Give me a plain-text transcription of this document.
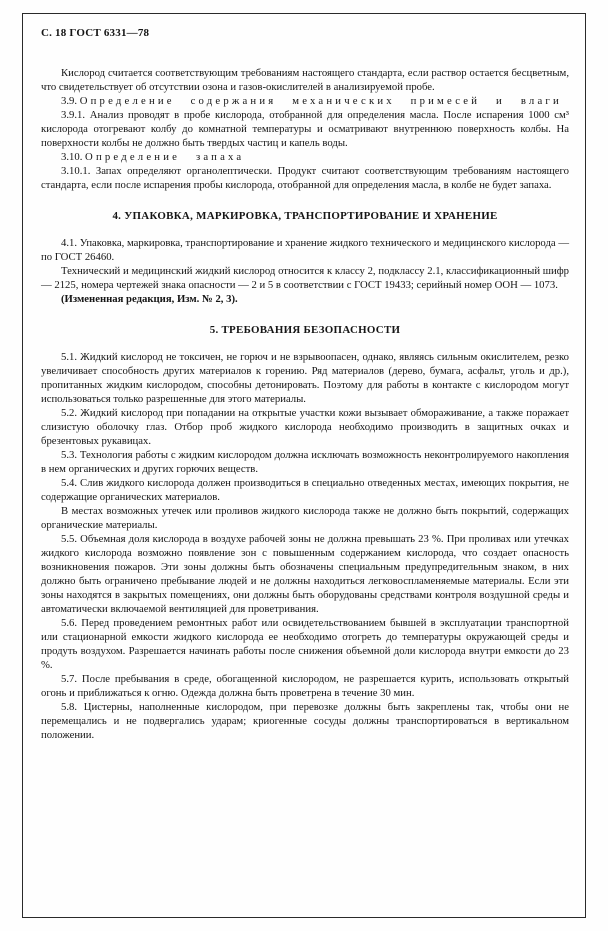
С. 18 ГОСТ 6331—78

Кислород считается соответствующим требованиям настоящего стандарта, если раствор остается бесцветным, что свидетельствует об отсутствии озона и газов-окислителей в анализируемой пробе.

3.9. Определение содержания механических примесей и влаги

3.9.1. Анализ проводят в пробе кислорода, отобранной для определения масла. После испарения 1000 см³ кислорода отогревают колбу до комнатной температуры и осматривают внутреннюю поверхность колбы. На поверхности колбы не должно быть твердых частиц и капель воды.

3.10. Определение запаха

3.10.1. Запах определяют органолептически. Продукт считают соответствующим требованиям настоящего стандарта, если после испарения пробы кислорода, отобранной для определения масла, в колбе не будет запаха.

4. УПАКОВКА, МАРКИРОВКА, ТРАНСПОРТИРОВАНИЕ И ХРАНЕНИЕ

4.1. Упаковка, маркировка, транспортирование и хранение жидкого технического и медицинского кислорода — по ГОСТ 26460.

Технический и медицинский жидкий кислород относится к классу 2, подклассу 2.1, классификационный шифр — 2125, номера чертежей знака опасности — 2 и 5 в соответствии с ГОСТ 19433; серийный номер ООН — 1073.

(Измененная редакция, Изм. № 2, 3).

5. ТРЕБОВАНИЯ БЕЗОПАСНОСТИ

5.1. Жидкий кислород не токсичен, не горюч и не взрывоопасен, однако, являясь сильным окислителем, резко увеличивает способность других материалов к горению. Ряд материалов (дерево, бумага, асфальт, уголь и др.), пропитанных жидким кислородом, способны детонировать. Поэтому для работы в контакте с кислородом могут использоваться только разрешенные для этого материалы.

5.2. Жидкий кислород при попадании на открытые участки кожи вызывает обмораживание, а также поражает слизистую оболочку глаз. Отбор проб жидкого кислорода необходимо производить в защитных очках и брезентовых рукавицах.

5.3. Технология работы с жидким кислородом должна исключать возможность неконтролируемого накопления в нем органических и других горючих веществ.

5.4. Слив жидкого кислорода должен производиться в специально отведенных местах, имеющих покрытия, не содержащие органических материалов.

В местах возможных утечек или проливов жидкого кислорода также не должно быть покрытий, содержащих органические материалы.

5.5. Объемная доля кислорода в воздухе рабочей зоны не должна превышать 23 %. При проливах или утечках жидкого кислорода возможно появление зон с повышенным содержанием кислорода, что создает опасность возникновения пожаров. Эти зоны должны быть обозначены специальным предупредительным знаком, в них должно быть ограничено пребывание людей и не должны находиться легковоспламеняемые материалы. Если эти зоны находятся в закрытых помещениях, они должны быть оборудованы средствами контроля воздушной среды и автоматически включаемой вентиляцией для проветривания.

5.6. Перед проведением ремонтных работ или освидетельствованием бывшей в эксплуатации транспортной или стационарной емкости жидкого кислорода ее необходимо отогреть до температуры окружающей среды и продуть воздухом. Разрешается начинать работы после снижения объемной доли кислорода внутри емкости до 23 %.

5.7. После пребывания в среде, обогащенной кислородом, не разрешается курить, использовать открытый огонь и приближаться к огню. Одежда должна быть проветрена в течение 30 мин.

5.8. Цистерны, наполненные кислородом, при перевозке должны быть закреплены так, чтобы они не перемещались и не подвергались ударам; криогенные сосуды должны транспортироваться в вертикальном положении.
